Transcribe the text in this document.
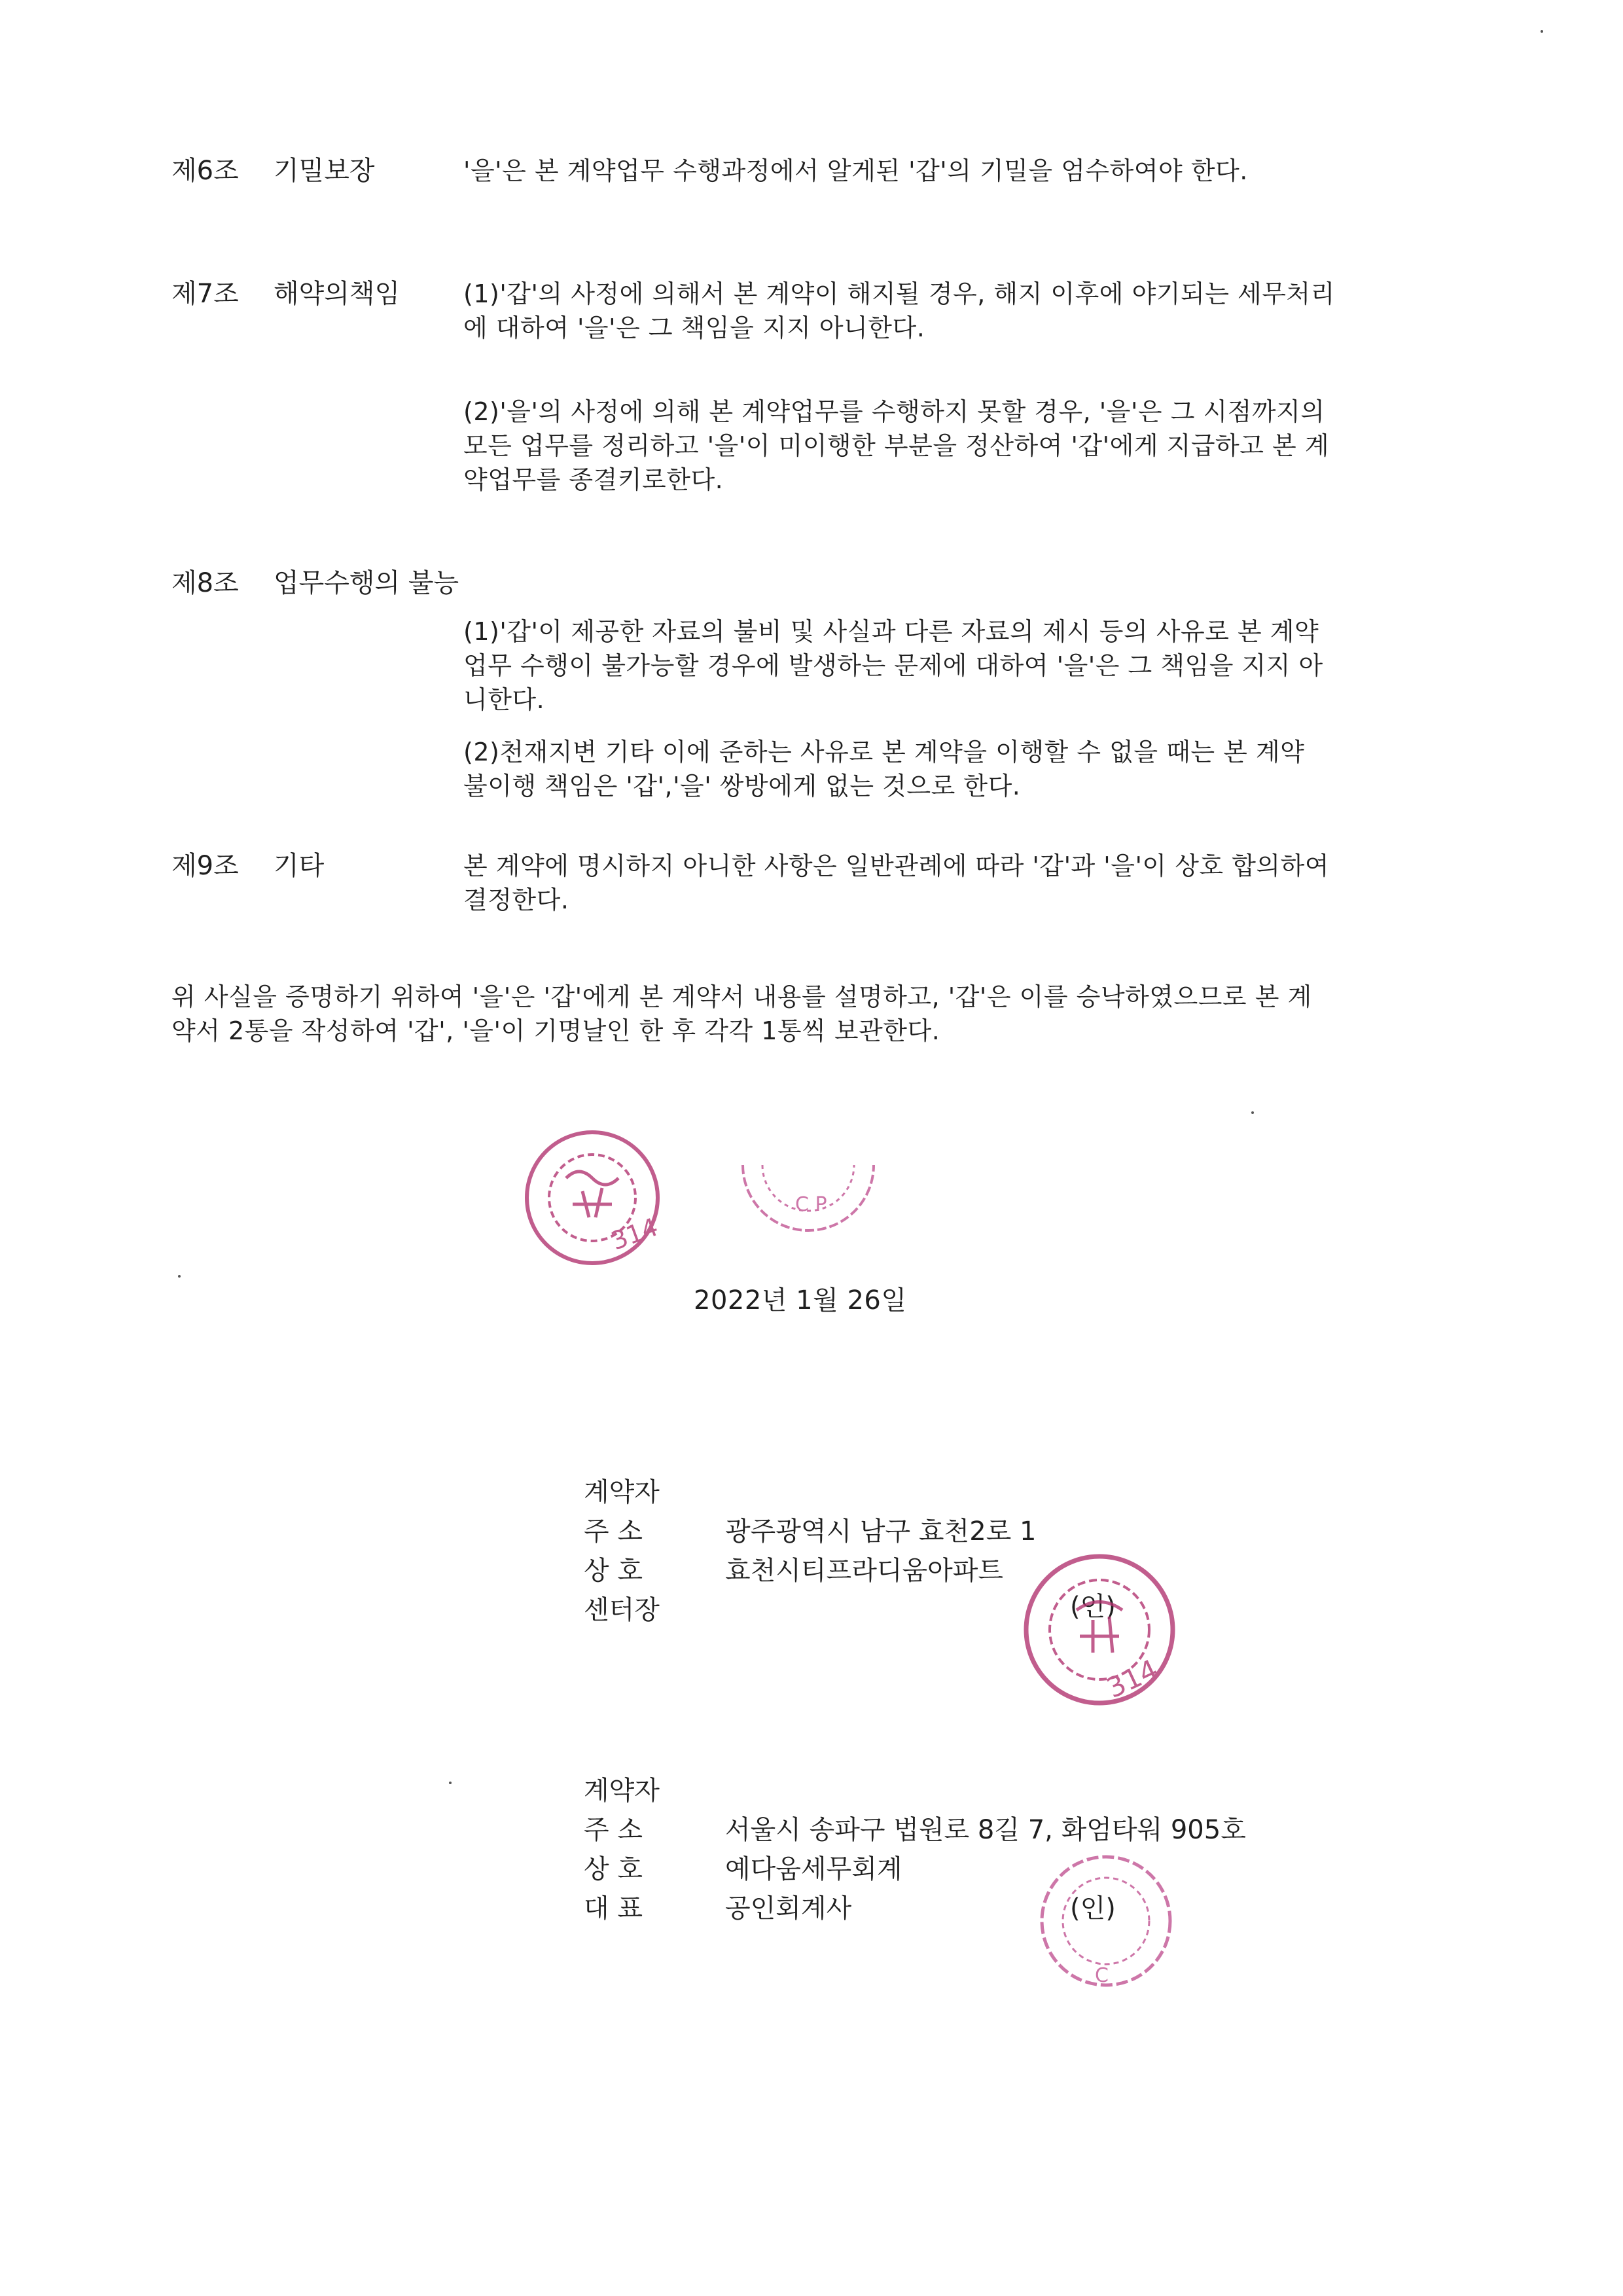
제6조 기밀보장	'을'은 본 계약업무 수행과정에서 알게된 '갑'의 기밀을 엄수하여야 한다.
제7조 해약의책임	(1)'갑'의 사정에 의해서 본 계약이 해지될 경우, 해지 이후에 야기되는 세무처리
에 대하여 '을'은 그 책임을 지지 아니한다.
(2)'을'의 사정에 의해 본 계약업무를 수행하지 못할 경우, '을'은 그 시점까지의
모든 업무를 정리하고 '을'이 미이행한 부분을 정산하여 '갑'에게 지급하고 본 계
약업무를 종결키로한다.
제8조 업무수행의 불능
(1)'갑'이 제공한 자료의 불비 및 사실과 다른 자료의 제시 등의 사유로 본 계약
업무 수행이 불가능할 경우에 발생하는 문제에 대하여 '을'은 그 책임을 지지 아
니한다.
(2)천재지변 기타 이에 준하는 사유로 본 계약을 이행할 수 없을 때는 본 계약
불이행 책임은 '갑','을' 쌍방에게 없는 것으로 한다.
제9조 기타	본 계약에 명시하지 아니한 사항은 일반관례에 따라 '갑'과 '을'이 상호 합의하여
결정한다.
위 사실을 증명하기 위하여 '을'은 '갑'에게 본 계약서 내용를 설명하고, '갑'은 이를 승낙하였으므로 본 계
약서 2통을 작성하여 '갑', '을'이 기명날인 한 후 각각 1통씩 보관한다.
314
C P
2022년 1월 26일
계약자
주 소	광주광역시 남구 효천2로 1
상 호	효천시티프라디움아파트
센터장	(인)
314
계약자
주 소	서울시 송파구 법원로 8길 7, 화엄타워 905호
상 호	예다움세무회계
대 표	공인회계사	(인)
C
